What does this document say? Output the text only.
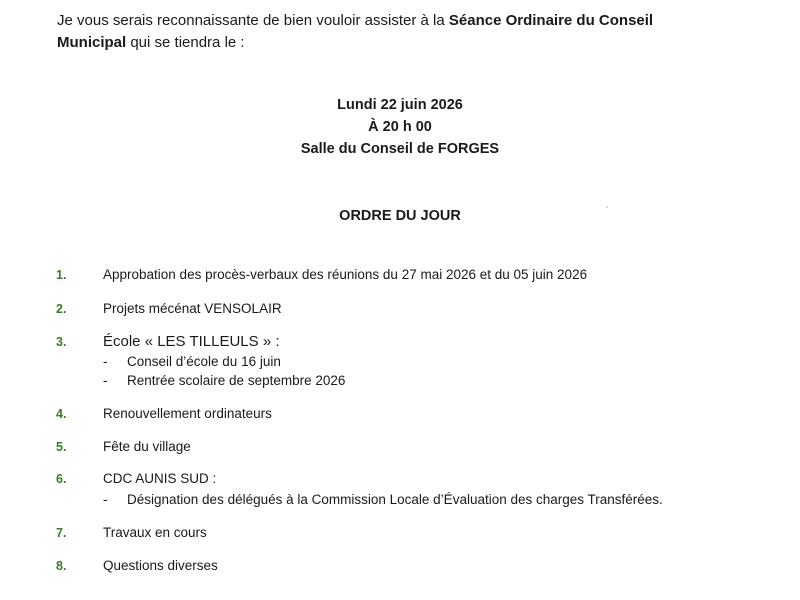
Je vous serais reconnaissante de bien vouloir assister à la Séance Ordinaire du Conseil
Municipal qui se tiendra le :
Lundi 22 juin 2026
À 20 h 00
Salle du Conseil de FORGES
ORDRE DU JOUR
1.	Approbation des procès-verbaux des réunions du 27 mai 2026 et du 05 juin 2026
2.	Projets mécénat VENSOLAIR
3. École « LES TILLEULS » :
- Conseil d’école du 16 juin
- Rentrée scolaire de septembre 2026
4.	Renouvellement ordinateurs
5.	Fête du village
6.	CDC AUNIS SUD :
- Désignation des délégués à la Commission Locale d’Évaluation des charges Transférées.
7.	Travaux en cours
8.	Questions diverses
